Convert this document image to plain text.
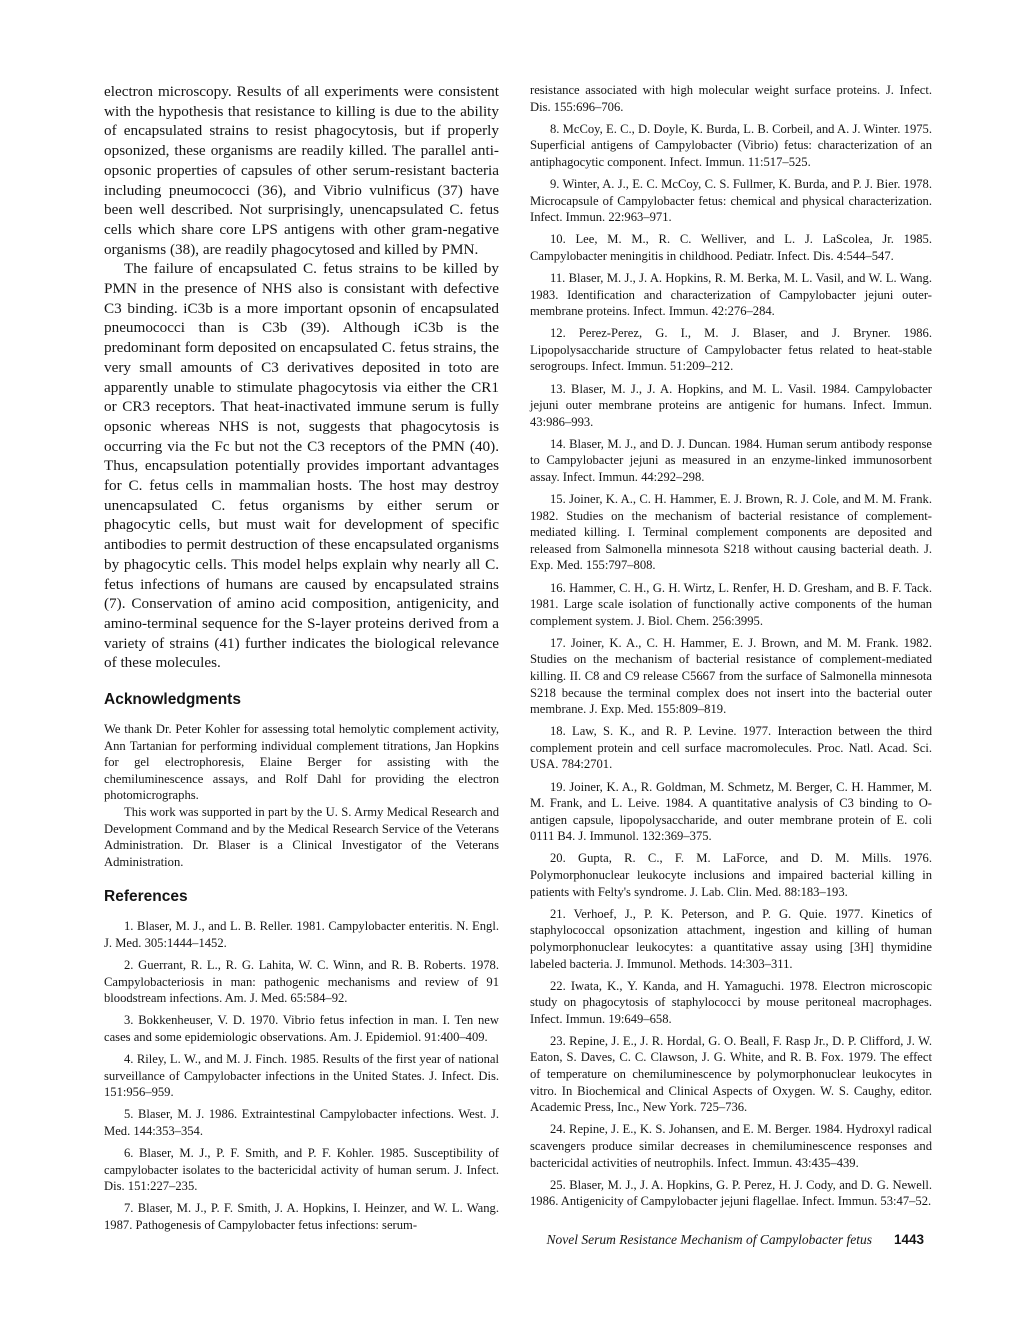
electron microscopy. Results of all experiments were consistent with the hypothesis that resistance to killing is due to the ability of encapsulated strains to resist phagocytosis, but if properly opsonized, these organisms are readily killed. The parallel anti-opsonic properties of capsules of other serum-resistant bacteria including pneumococci (36), and Vibrio vulnificus (37) have been well described. Not surprisingly, unencapsulated C. fetus cells which share core LPS antigens with other gram-negative organisms (38), are readily phagocytosed and killed by PMN.

The failure of encapsulated C. fetus strains to be killed by PMN in the presence of NHS also is consistant with defective C3 binding. iC3b is a more important opsonin of encapsulated pneumococci than is C3b (39). Although iC3b is the predominant form deposited on encapsulated C. fetus strains, the very small amounts of C3 derivatives deposited in toto are apparently unable to stimulate phagocytosis via either the CR1 or CR3 receptors. That heat-inactivated immune serum is fully opsonic whereas NHS is not, suggests that phagocytosis is occurring via the Fc but not the C3 receptors of the PMN (40). Thus, encapsulation potentially provides important advantages for C. fetus cells in mammalian hosts. The host may destroy unencapsulated C. fetus organisms by either serum or phagocytic cells, but must wait for development of specific antibodies to permit destruction of these encapsulated organisms by phagocytic cells. This model helps explain why nearly all C. fetus infections of humans are caused by encapsulated strains (7). Conservation of amino acid composition, antigenicity, and amino-terminal sequence for the S-layer proteins derived from a variety of strains (41) further indicates the biological relevance of these molecules.

Acknowledgments

We thank Dr. Peter Kohler for assessing total hemolytic complement activity, Ann Tartanian for performing individual complement titrations, Jan Hopkins for gel electrophoresis, Elaine Berger for assisting with the chemiluminescence assays, and Rolf Dahl for providing the electron photomicrographs.

This work was supported in part by the U. S. Army Medical Research and Development Command and by the Medical Research Service of the Veterans Administration. Dr. Blaser is a Clinical Investigator of the Veterans Administration.

References
1. Blaser, M. J., and L. B. Reller. 1981. Campylobacter enteritis. N. Engl. J. Med. 305:1444–1452.
2. Guerrant, R. L., R. G. Lahita, W. C. Winn, and R. B. Roberts. 1978. Campylobacteriosis in man: pathogenic mechanisms and review of 91 bloodstream infections. Am. J. Med. 65:584–92.
3. Bokkenheuser, V. D. 1970. Vibrio fetus infection in man. I. Ten new cases and some epidemiologic observations. Am. J. Epidemiol. 91:400–409.
4. Riley, L. W., and M. J. Finch. 1985. Results of the first year of national surveillance of Campylobacter infections in the United States. J. Infect. Dis. 151:956–959.
5. Blaser, M. J. 1986. Extraintestinal Campylobacter infections. West. J. Med. 144:353–354.
6. Blaser, M. J., P. F. Smith, and P. F. Kohler. 1985. Susceptibility of campylobacter isolates to the bactericidal activity of human serum. J. Infect. Dis. 151:227–235.
7. Blaser, M. J., P. F. Smith, J. A. Hopkins, I. Heinzer, and W. L. Wang. 1987. Pathogenesis of Campylobacter fetus infections: serum-
resistance associated with high molecular weight surface proteins. J. Infect. Dis. 155:696–706.
8. McCoy, E. C., D. Doyle, K. Burda, L. B. Corbeil, and A. J. Winter. 1975. Superficial antigens of Campylobacter (Vibrio) fetus: characterization of an antiphagocytic component. Infect. Immun. 11:517–525.
9. Winter, A. J., E. C. McCoy, C. S. Fullmer, K. Burda, and P. J. Bier. 1978. Microcapsule of Campylobacter fetus: chemical and physical characterization. Infect. Immun. 22:963–971.
10. Lee, M. M., R. C. Welliver, and L. J. LaScolea, Jr. 1985. Campylobacter meningitis in childhood. Pediatr. Infect. Dis. 4:544–547.
11. Blaser, M. J., J. A. Hopkins, R. M. Berka, M. L. Vasil, and W. L. Wang. 1983. Identification and characterization of Campylobacter jejuni outer-membrane proteins. Infect. Immun. 42:276–284.
12. Perez-Perez, G. I., M. J. Blaser, and J. Bryner. 1986. Lipopolysaccharide structure of Campylobacter fetus related to heat-stable serogroups. Infect. Immun. 51:209–212.
13. Blaser, M. J., J. A. Hopkins, and M. L. Vasil. 1984. Campylobacter jejuni outer membrane proteins are antigenic for humans. Infect. Immun. 43:986–993.
14. Blaser, M. J., and D. J. Duncan. 1984. Human serum antibody response to Campylobacter jejuni as measured in an enzyme-linked immunosorbent assay. Infect. Immun. 44:292–298.
15. Joiner, K. A., C. H. Hammer, E. J. Brown, R. J. Cole, and M. M. Frank. 1982. Studies on the mechanism of bacterial resistance of complement-mediated killing. I. Terminal complement components are deposited and released from Salmonella minnesota S218 without causing bacterial death. J. Exp. Med. 155:797–808.
16. Hammer, C. H., G. H. Wirtz, L. Renfer, H. D. Gresham, and B. F. Tack. 1981. Large scale isolation of functionally active components of the human complement system. J. Biol. Chem. 256:3995.
17. Joiner, K. A., C. H. Hammer, E. J. Brown, and M. M. Frank. 1982. Studies on the mechanism of bacterial resistance of complement-mediated killing. II. C8 and C9 release C5667 from the surface of Salmonella minnesota S218 because the terminal complex does not insert into the bacterial outer membrane. J. Exp. Med. 155:809–819.
18. Law, S. K., and R. P. Levine. 1977. Interaction between the third complement protein and cell surface macromolecules. Proc. Natl. Acad. Sci. USA. 784:2701.
19. Joiner, K. A., R. Goldman, M. Schmetz, M. Berger, C. H. Hammer, M. M. Frank, and L. Leive. 1984. A quantitative analysis of C3 binding to O-antigen capsule, lipopolysaccharide, and outer membrane protein of E. coli 0111 B4. J. Immunol. 132:369–375.
20. Gupta, R. C., F. M. LaForce, and D. M. Mills. 1976. Polymorphonuclear leukocyte inclusions and impaired bacterial killing in patients with Felty's syndrome. J. Lab. Clin. Med. 88:183–193.
21. Verhoef, J., P. K. Peterson, and P. G. Quie. 1977. Kinetics of staphylococcal opsonization attachment, ingestion and killing of human polymorphonuclear leukocytes: a quantitative assay using [3H] thymidine labeled bacteria. J. Immunol. Methods. 14:303–311.
22. Iwata, K., Y. Kanda, and H. Yamaguchi. 1978. Electron microscopic study on phagocytosis of staphylococci by mouse peritoneal macrophages. Infect. Immun. 19:649–658.
23. Repine, J. E., J. R. Hordal, G. O. Beall, F. Rasp Jr., D. P. Clifford, J. W. Eaton, S. Daves, C. C. Clawson, J. G. White, and R. B. Fox. 1979. The effect of temperature on chemiluminescence by polymorphonuclear leukocytes in vitro. In Biochemical and Clinical Aspects of Oxygen. W. S. Caughy, editor. Academic Press, Inc., New York. 725–736.
24. Repine, J. E., K. S. Johansen, and E. M. Berger. 1984. Hydroxyl radical scavengers produce similar decreases in chemiluminescence responses and bactericidal activities of neutrophils. Infect. Immun. 43:435–439.
25. Blaser, M. J., J. A. Hopkins, G. P. Perez, H. J. Cody, and D. G. Newell. 1986. Antigenicity of Campylobacter jejuni flagellae. Infect. Immun. 53:47–52.
Novel Serum Resistance Mechanism of Campylobacter fetus 1443
